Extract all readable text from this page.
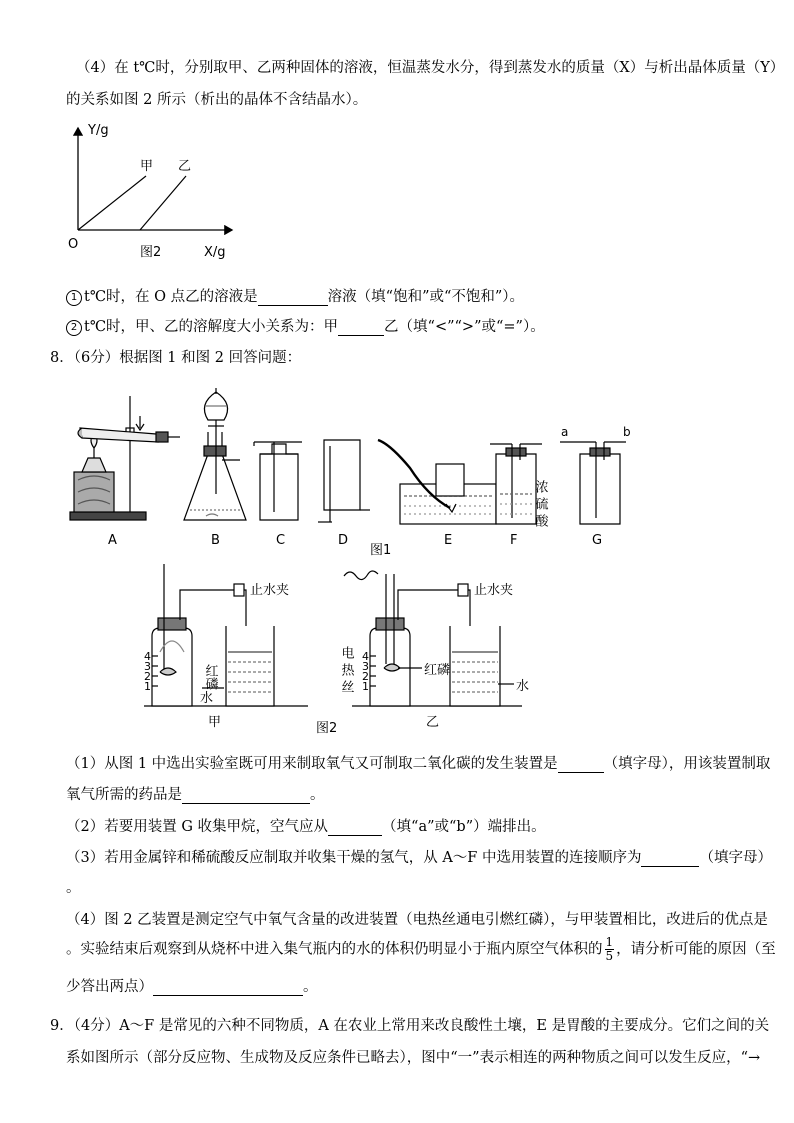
（4）在 t℃时，分别取甲、乙两种固体的溶液，恒温蒸发水分，得到蒸发水的质量（X）与析出晶体质量（Y）
的关系如图 2 所示（析出的晶体不含结晶水）。
Y/g
X/g
O
甲 乙
图2
1 t℃时，在 O 点乙的溶液是	溶液（填“饱和”或“不饱和”）。
2 t℃时，甲、乙的溶解度大小关系为：甲	乙（填“<”“>”或“=”）。
8．（6分）根据图 1 和图 2 回答问题：
A	B	C	D
图1
E	F	G
a	b
浓硫酸
止水夹	止水夹
红磷
水
电热丝	红磷
水
4
3
2
1
4
3
2
1
甲	图2	乙
（1）从图 1 中选出实验室既可用来制取氧气又可制取二氧化碳的发生装置是	（填字母），用该装置制取
氧气所需的药品是	。
（2）若要用装置 G 收集甲烷，空气应从	（填“a”或“b”）端排出。
（3）若用金属锌和稀硫酸反应制取并收集干燥的氢气，从 A～F 中选用装置的连接顺序为	（填字母）
。
（4）图 2 乙装置是测定空气中氧气含量的改进装置（电热丝通电引燃红磷），与甲装置相比，改进后的优点是
。实验结束后观察到从烧杯中进入集气瓶内的水的体积仍明显小于瓶内原空气体积的 $\frac{1}{5}$ ，请分析可能的原因（至
少答出两点）	。
9．（4分）A～F 是常见的六种不同物质，A 在农业上常用来改良酸性土壤，E 是胃酸的主要成分。它们之间的关
系如图所示（部分反应物、生成物及反应条件已略去），图中“一”表示相连的两种物质之间可以发生反应，“→
